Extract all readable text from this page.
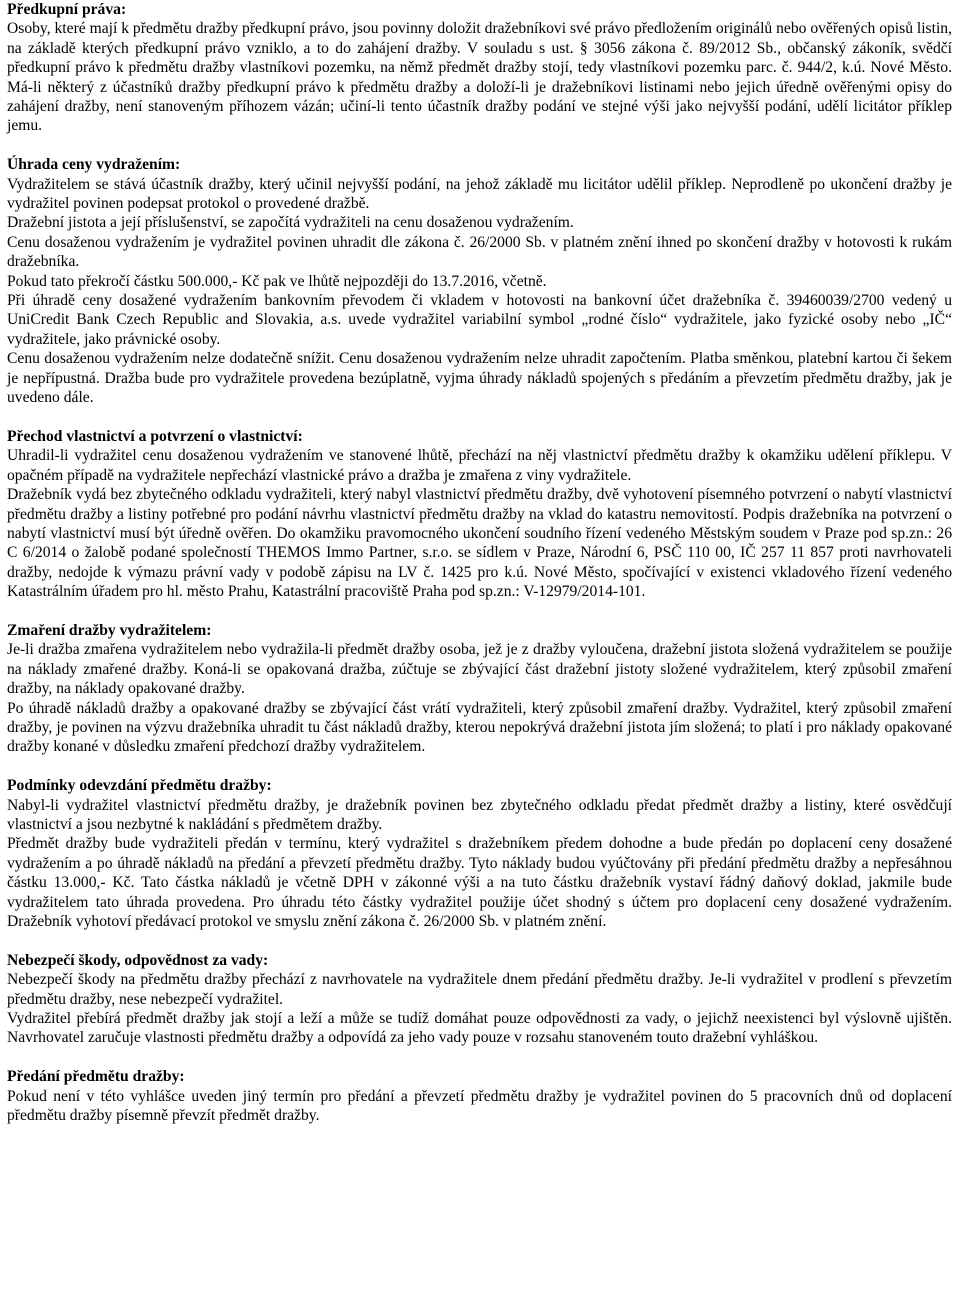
Předkupní práva:

Osoby, které mají k předmětu dražby předkupní právo, jsou povinny doložit dražebníkovi své právo předložením originálů nebo ověřených opisů listin, na základě kterých předkupní právo vzniklo, a to do zahájení dražby. V souladu s ust. § 3056 zákona č. 89/2012 Sb., občanský zákoník, svědčí předkupní právo k předmětu dražby vlastníkovi pozemku, na němž předmět dražby stojí, tedy vlastníkovi pozemku parc. č. 944/2, k.ú. Nové Město. Má-li některý z účastníků dražby předkupní právo k předmětu dražby a doloží-li je dražebníkovi listinami nebo jejich úředně ověřenými opisy do zahájení dražby, není stanoveným příhozem vázán; učiní-li tento účastník dražby podání ve stejné výši jako nejvyšší podání, udělí licitátor příklep jemu.

Úhrada ceny vydražením:

Vydražitelem se stává účastník dražby, který učinil nejvyšší podání, na jehož základě mu licitátor udělil příklep. Neprodleně po ukončení dražby je vydražitel povinen podepsat protokol o provedené dražbě.

Dražební jistota a její příslušenství, se započítá vydražiteli na cenu dosaženou vydražením.

Cenu dosaženou vydražením je vydražitel povinen uhradit dle zákona č. 26/2000 Sb. v platném znění ihned po skončení dražby v hotovosti k rukám dražebníka.

Pokud tato překročí částku 500.000,- Kč pak ve lhůtě nejpozději do 13.7.2016, včetně.

Při úhradě ceny dosažené vydražením bankovním převodem či vkladem v hotovosti na bankovní účet dražebníka č. 39460039/2700 vedený u UniCredit Bank Czech Republic and Slovakia, a.s. uvede vydražitel variabilní symbol „rodné číslo“ vydražitele, jako fyzické osoby nebo „IČ“ vydražitele, jako právnické osoby.

Cenu dosaženou vydražením nelze dodatečně snížit. Cenu dosaženou vydražením nelze uhradit započtením. Platba směnkou, platební kartou či šekem je nepřípustná. Dražba bude pro vydražitele provedena bezúplatně, vyjma úhrady nákladů spojených s předáním a převzetím předmětu dražby, jak je uvedeno dále.

Přechod vlastnictví a potvrzení o vlastnictví:

Uhradil-li vydražitel cenu dosaženou vydražením ve stanovené lhůtě, přechází na něj vlastnictví předmětu dražby k okamžiku udělení příklepu. V opačném případě na vydražitele nepřechází vlastnické právo a dražba je zmařena z viny vydražitele.

Dražebník vydá bez zbytečného odkladu vydražiteli, který nabyl vlastnictví předmětu dražby, dvě vyhotovení písemného potvrzení o nabytí vlastnictví předmětu dražby a listiny potřebné pro podání návrhu vlastnictví předmětu dražby na vklad do katastru nemovitostí. Podpis dražebníka na potvrzení o nabytí vlastnictví musí být úředně ověřen. Do okamžiku pravomocného ukončení soudního řízení vedeného Městským soudem v Praze pod sp.zn.: 26 C 6/2014 o žalobě podané společností THEMOS Immo Partner, s.r.o. se sídlem v Praze, Národní 6, PSČ 110 00, IČ 257 11 857 proti navrhovateli dražby, nedojde k výmazu právní vady v podobě zápisu na LV č. 1425 pro k.ú. Nové Město, spočívající v existenci vkladového řízení vedeného Katastrálním úřadem pro hl. město Prahu, Katastrální pracoviště Praha pod sp.zn.: V-12979/2014-101.

Zmaření dražby vydražitelem:

Je-li dražba zmařena vydražitelem nebo vydražila-li předmět dražby osoba, jež je z dražby vyloučena, dražební jistota složená vydražitelem se použije na náklady zmařené dražby. Koná-li se opakovaná dražba, zúčtuje se zbývající část dražební jistoty složené vydražitelem, který způsobil zmaření dražby, na náklady opakované dražby.

Po úhradě nákladů dražby a opakované dražby se zbývající část vrátí vydražiteli, který způsobil zmaření dražby. Vydražitel, který způsobil zmaření dražby, je povinen na výzvu dražebníka uhradit tu část nákladů dražby, kterou nepokrývá dražební jistota jím složená; to platí i pro náklady opakované dražby konané v důsledku zmaření předchozí dražby vydražitelem.

Podmínky odevzdání předmětu dražby:

Nabyl-li vydražitel vlastnictví předmětu dražby, je dražebník povinen bez zbytečného odkladu předat předmět dražby a listiny, které osvědčují vlastnictví a jsou nezbytné k nakládání s předmětem dražby.

Předmět dražby bude vydražiteli předán v termínu, který vydražitel s dražebníkem předem dohodne a bude předán po doplacení ceny dosažené vydražením a po úhradě nákladů na předání a převzetí předmětu dražby. Tyto náklady budou vyúčtovány při předání předmětu dražby a nepřesáhnou částku 13.000,- Kč. Tato částka nákladů je včetně DPH v zákonné výši a na tuto částku dražebník vystaví řádný daňový doklad, jakmile bude vydražitelem tato úhrada provedena. Pro úhradu této částky vydražitel použije účet shodný s účtem pro doplacení ceny dosažené vydražením. Dražebník vyhotoví předávací protokol ve smyslu znění zákona č. 26/2000 Sb. v platném znění.

Nebezpečí škody, odpovědnost za vady:

Nebezpečí škody na předmětu dražby přechází z navrhovatele na vydražitele dnem předání předmětu dražby. Je-li vydražitel v prodlení s převzetím předmětu dražby, nese nebezpečí vydražitel.

Vydražitel přebírá předmět dražby jak stojí a leží a může se tudíž domáhat pouze odpovědnosti za vady, o jejichž neexistenci byl výslovně ujištěn. Navrhovatel zaručuje vlastnosti předmětu dražby a odpovídá za jeho vady pouze v rozsahu stanoveném touto dražební vyhláškou.

Předání předmětu dražby:

Pokud není v této vyhlášce uveden jiný termín pro předání a převzetí předmětu dražby je vydražitel povinen do 5 pracovních dnů od doplacení předmětu dražby písemně převzít předmět dražby.
